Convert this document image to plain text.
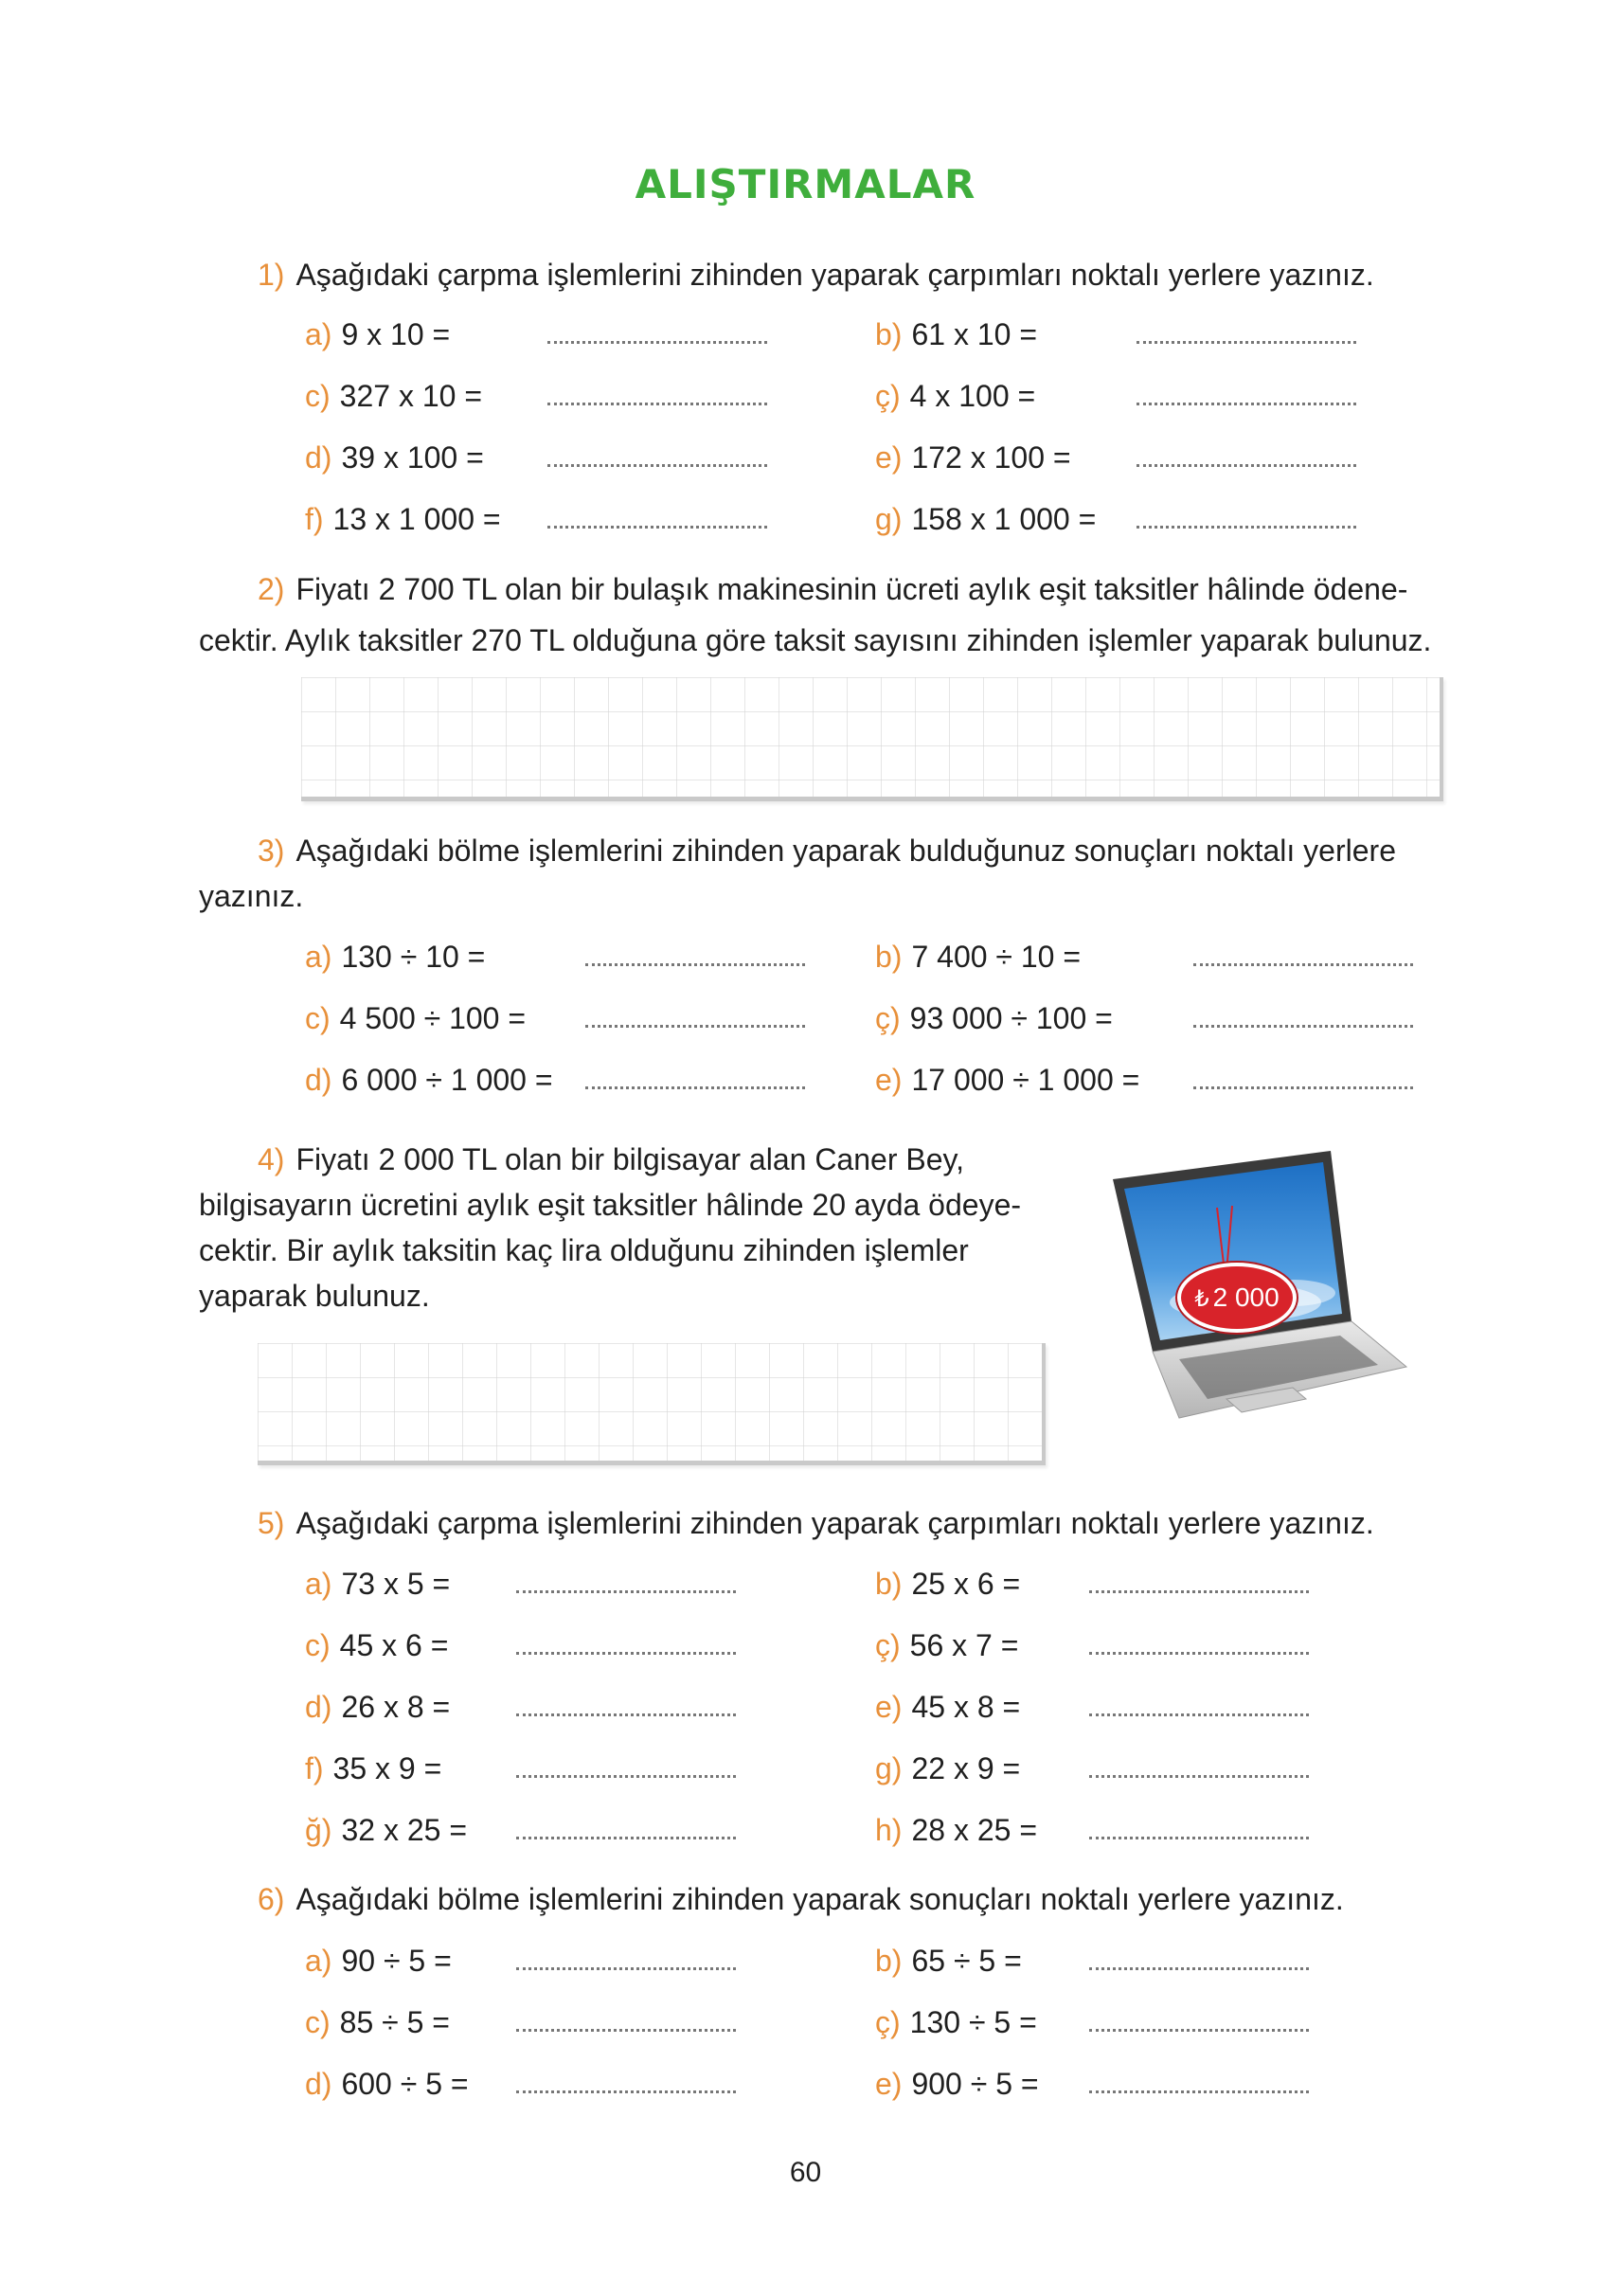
ALIŞTIRMALAR
1) Aşağıdaki çarpma işlemlerini zihinden yaparak çarpımları noktalı yerlere yazınız.
a) 9 x 10 =	b) 61 x 10 =
c) 327 x 10 =	ç) 4 x 100 =
d) 39 x 100 =	e) 172 x 100 =
f) 13 x 1 000 =	g) 158 x 1 000 =
2) Fiyatı 2 700 TL olan bir bulaşık makinesinin ücreti aylık eşit taksitler hâlinde ödene-
cektir. Aylık taksitler 270 TL olduğuna göre taksit sayısını zihinden işlemler yaparak bulunuz.
3) Aşağıdaki bölme işlemlerini zihinden yaparak bulduğunuz sonuçları noktalı yerlere
yazınız.
a) 130 ÷ 10 =	b) 7 400 ÷ 10 =
c) 4 500 ÷ 100 =	ç) 93 000 ÷ 100 =
d) 6 000 ÷ 1 000 =	e) 17 000 ÷ 1 000 =
4) Fiyatı 2 000 TL olan bir bilgisayar alan Caner Bey,
bilgisayarın ücretini aylık eşit taksitler hâlinde 20 ayda ödeye-
cektir. Bir aylık taksitin kaç lira olduğunu zihinden işlemler
yaparak bulunuz.	₺ 2 000
5) Aşağıdaki çarpma işlemlerini zihinden yaparak çarpımları noktalı yerlere yazınız.
a) 73 x 5 =	b) 25 x 6 =
c) 45 x 6 =	ç) 56 x 7 =
d) 26 x 8 =	e) 45 x 8 =
f) 35 x 9 =	g) 22 x 9 =
ğ) 32 x 25 =	h) 28 x 25 =
6) Aşağıdaki bölme işlemlerini zihinden yaparak sonuçları noktalı yerlere yazınız.
a) 90 ÷ 5 =	b) 65 ÷ 5 =
c) 85 ÷ 5 =	ç) 130 ÷ 5 =
d) 600 ÷ 5 =	e) 900 ÷ 5 =
60
